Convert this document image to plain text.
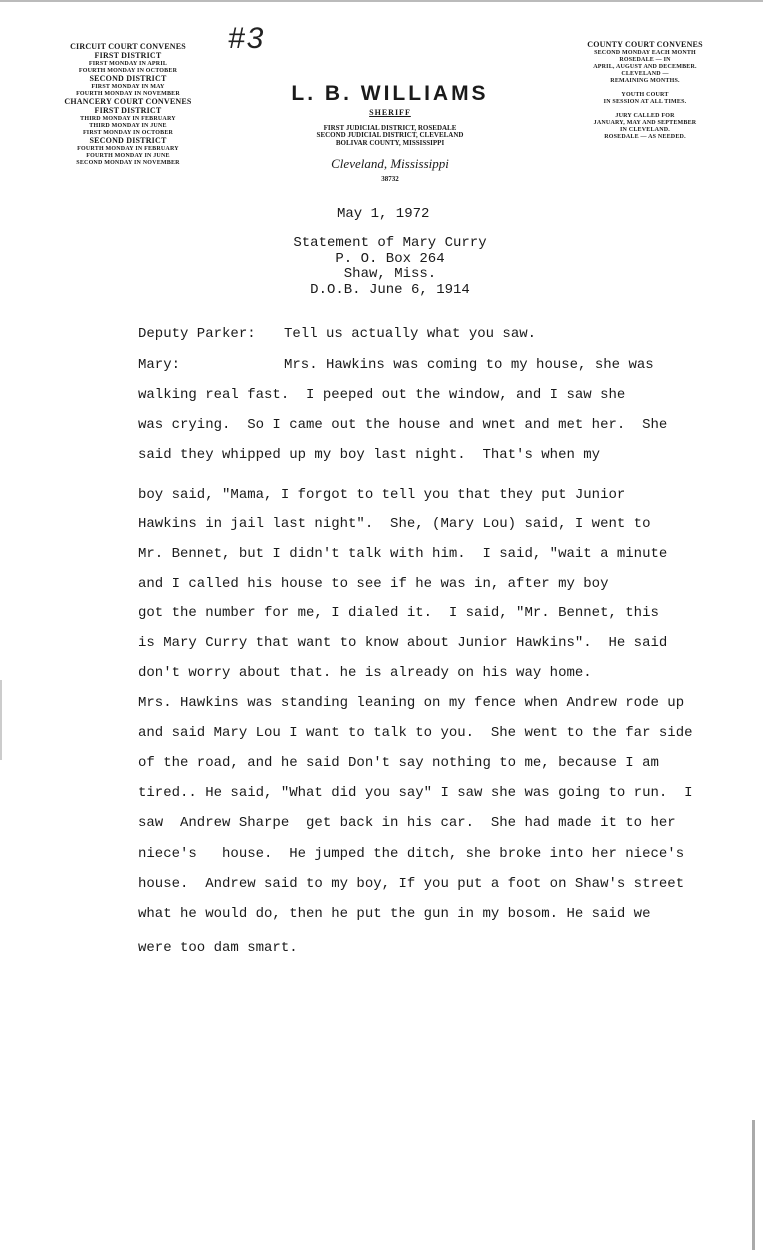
#3
CIRCUIT COURT CONVENES
FIRST DISTRICT
FIRST MONDAY IN APRIL
FOURTH MONDAY IN OCTOBER
SECOND DISTRICT
FIRST MONDAY IN MAY
FOURTH MONDAY IN NOVEMBER
CHANCERY COURT CONVENES
FIRST DISTRICT
THIRD MONDAY IN FEBRUARY
THIRD MONDAY IN JUNE
FIRST MONDAY IN OCTOBER
SECOND DISTRICT
FOURTH MONDAY IN FEBRUARY
FOURTH MONDAY IN JUNE
SECOND MONDAY IN NOVEMBER
COUNTY COURT CONVENES
SECOND MONDAY EACH MONTH
ROSEDALE — IN
APRIL, AUGUST AND DECEMBER.
CLEVELAND —
REMAINING MONTHS.
YOUTH COURT
IN SESSION AT ALL TIMES.
JURY CALLED FOR
JANUARY, MAY AND SEPTEMBER
IN CLEVELAND.
ROSEDALE — AS NEEDED.
L. B. WILLIAMS
SHERIFF
FIRST JUDICIAL DISTRICT, ROSEDALE
SECOND JUDICIAL DISTRICT, CLEVELAND
BOLIVAR COUNTY, MISSISSIPPI
Cleveland, Mississippi
38732
May 1, 1972
Statement of Mary Curry
P. O. Box 264
Shaw, Miss.
D.O.B. June 6, 1914
Deputy Parker: Tell us actually what you saw.
Mary:	Mrs. Hawkins was coming to my house, she was
walking real fast.  I peeped out the window, and I saw she
was crying.  So I came out the house and wnet and met her.  She
said they whipped up my boy last night.  That's when my
boy said, "Mama, I forgot to tell you that they put Junior
Hawkins in jail last night".  She, (Mary Lou) said, I went to
Mr. Bennet, but I didn't talk with him.  I said, "wait a minute
and I called his house to see if he was in, after my boy
got the number for me, I dialed it.  I said, "Mr. Bennet, this
is Mary Curry that want to know about Junior Hawkins".  He said
don't worry about that. he is already on his way home.
Mrs. Hawkins was standing leaning on my fence when Andrew rode up
and said Mary Lou I want to talk to you.  She went to the far side
of the road, and he said Don't say nothing to me, because I am
tired.. He said, "What did you say" I saw she was going to run.  I
saw  Andrew Sharpe  get back in his car.  She had made it to her
niece's   house.  He jumped the ditch, she broke into her niece's
house.  Andrew said to my boy, If you put a foot on Shaw's street
what he would do, then he put the gun in my bosom. He said we
were too dam smart.
